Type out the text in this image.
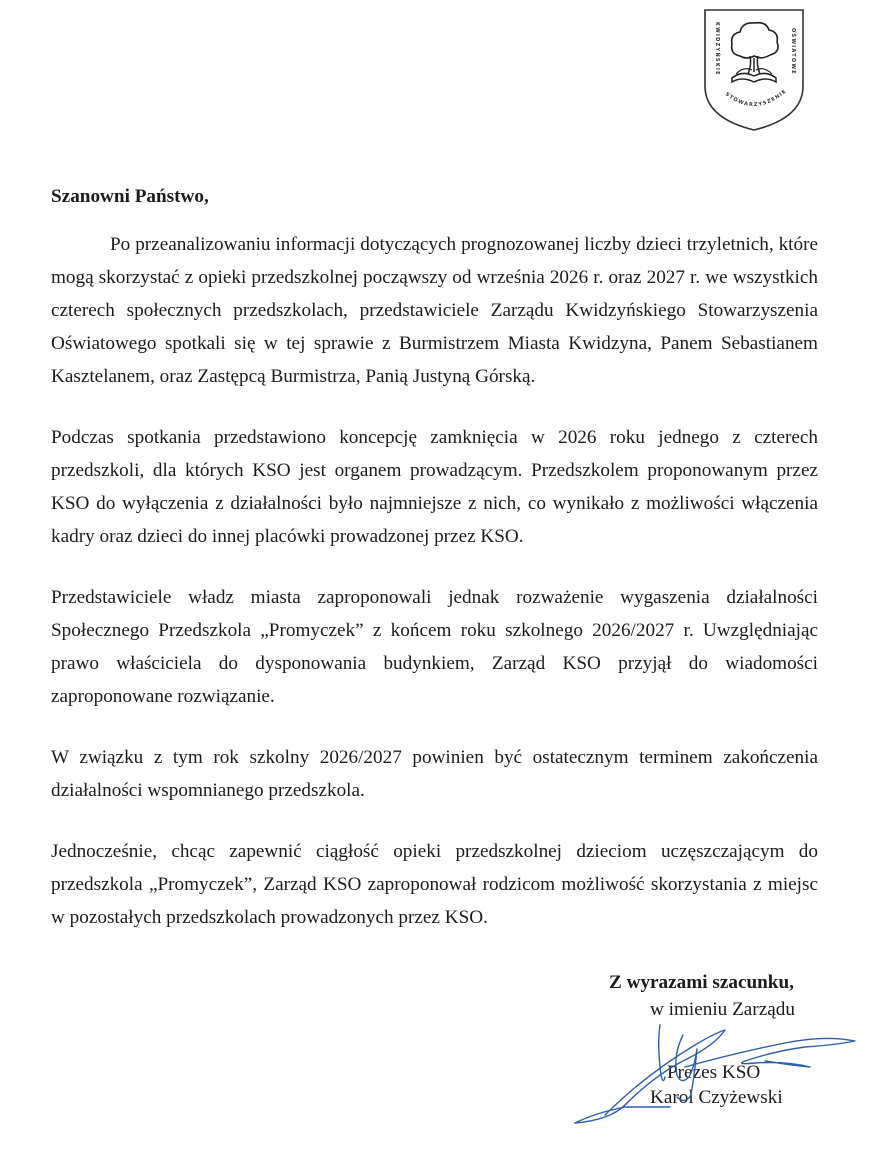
KWIDZYŃSKIE	OŚWIATOWE
STOWARZYSZENIE

Szanowni Państwo,

Po przeanalizowaniu informacji dotyczących prognozowanej liczby dzieci trzyletnich, które mogą skorzystać z opieki przedszkolnej począwszy od września 2026 r. oraz 2027 r. we wszystkich czterech społecznych przedszkolach, przedstawiciele Zarządu Kwidzyńskiego Stowarzyszenia Oświatowego spotkali się w tej sprawie z Burmistrzem Miasta Kwidzyna, Panem Sebastianem Kasztelanem, oraz Zastępcą Burmistrza, Panią Justyną Górską.

Podczas spotkania przedstawiono koncepcję zamknięcia w 2026 roku jednego z czterech przedszkoli, dla których KSO jest organem prowadzącym. Przedszkolem proponowanym przez KSO do wyłączenia z działalności było najmniejsze z nich, co wynikało z możliwości włączenia kadry oraz dzieci do innej placówki prowadzonej przez KSO.

Przedstawiciele władz miasta zaproponowali jednak rozważenie wygaszenia działalności Społecznego Przedszkola „Promyczek” z końcem roku szkolnego 2026/2027 r. Uwzględniając prawo właściciela do dysponowania budynkiem, Zarząd KSO przyjął do wiadomości zaproponowane rozwiązanie.

W związku z tym rok szkolny 2026/2027 powinien być ostatecznym terminem zakończenia działalności wspomnianego przedszkola.

Jednocześnie, chcąc zapewnić ciągłość opieki przedszkolnej dzieciom uczęszczającym do przedszkola „Promyczek”, Zarząd KSO zaproponował rodzicom możliwość skorzystania z miejsc w pozostałych przedszkolach prowadzonych przez KSO.

Z wyrazami szacunku,
w imieniu Zarządu
Prezes KSO
Karol Czyżewski
